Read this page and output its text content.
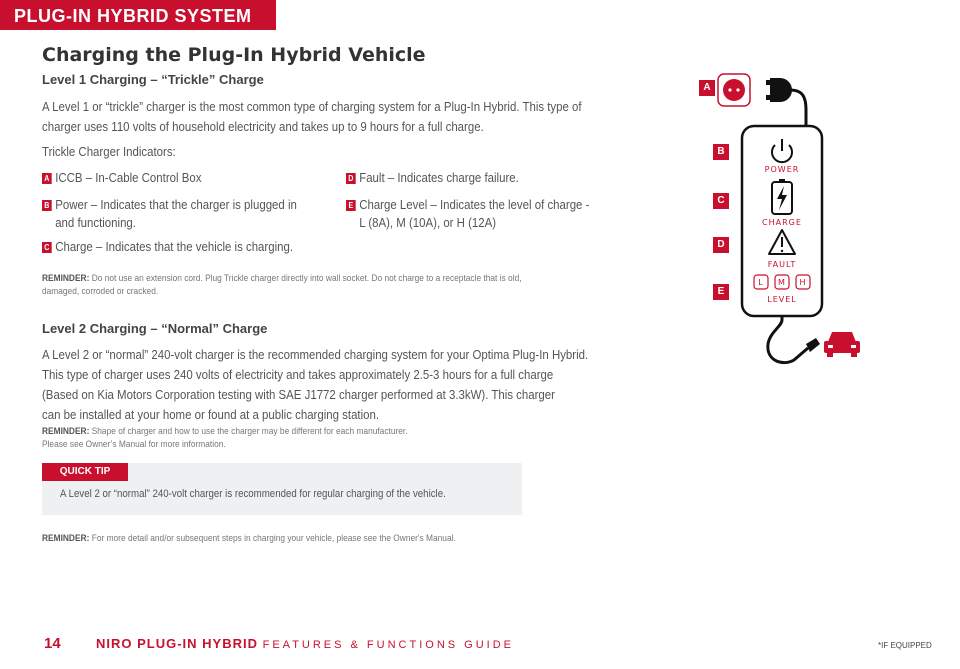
PLUG-IN HYBRID SYSTEM
Charging the Plug-In Hybrid Vehicle
Level 1 Charging – “Trickle” Charge
A Level 1 or “trickle” charger is the most common type of charging system for a Plug-In Hybrid. This type of
charger uses 110 volts of household electricity and takes up to 9 hours for a full charge.
Trickle Charger Indicators:
A ICCB – In-Cable Control Box
B Power – Indicates that the charger is plugged in
and functioning.
C Charge – Indicates that the vehicle is charging.
D Fault – Indicates charge failure.
E Charge Level – Indicates the level of charge -
L (8A), M (10A), or H (12A)
REMINDER: Do not use an extension cord. Plug Trickle charger directly into wall socket. Do not charge to a receptacle that is old,
damaged, corroded or cracked.
Level 2 Charging – “Normal” Charge
A Level 2 or “normal” 240-volt charger is the recommended charging system for your Optima Plug-In Hybrid.
This type of charger uses 240 volts of electricity and takes approximately 2.5-3 hours for a full charge
(Based on Kia Motors Corporation testing with SAE J1772 charger performed at 3.3kW). This charger
can be installed at your home or found at a public charging station.
REMINDER: Shape of charger and how to use the charger may be different for each manufacturer.
Please see Owner’s Manual for more information.
QUICK TIP
A Level 2 or “normal” 240-volt charger is recommended for regular charging of the vehicle.
REMINDER: For more detail and/or subsequent steps in charging your vehicle, please see the Owner's Manual.
POWER
CHARGE
FAULT
L M H
LEVEL
A
B
C
D
E
14	NIRO PLUG-IN HYBRID FEATURES & FUNCTIONS GUIDE	*IF EQUIPPED
